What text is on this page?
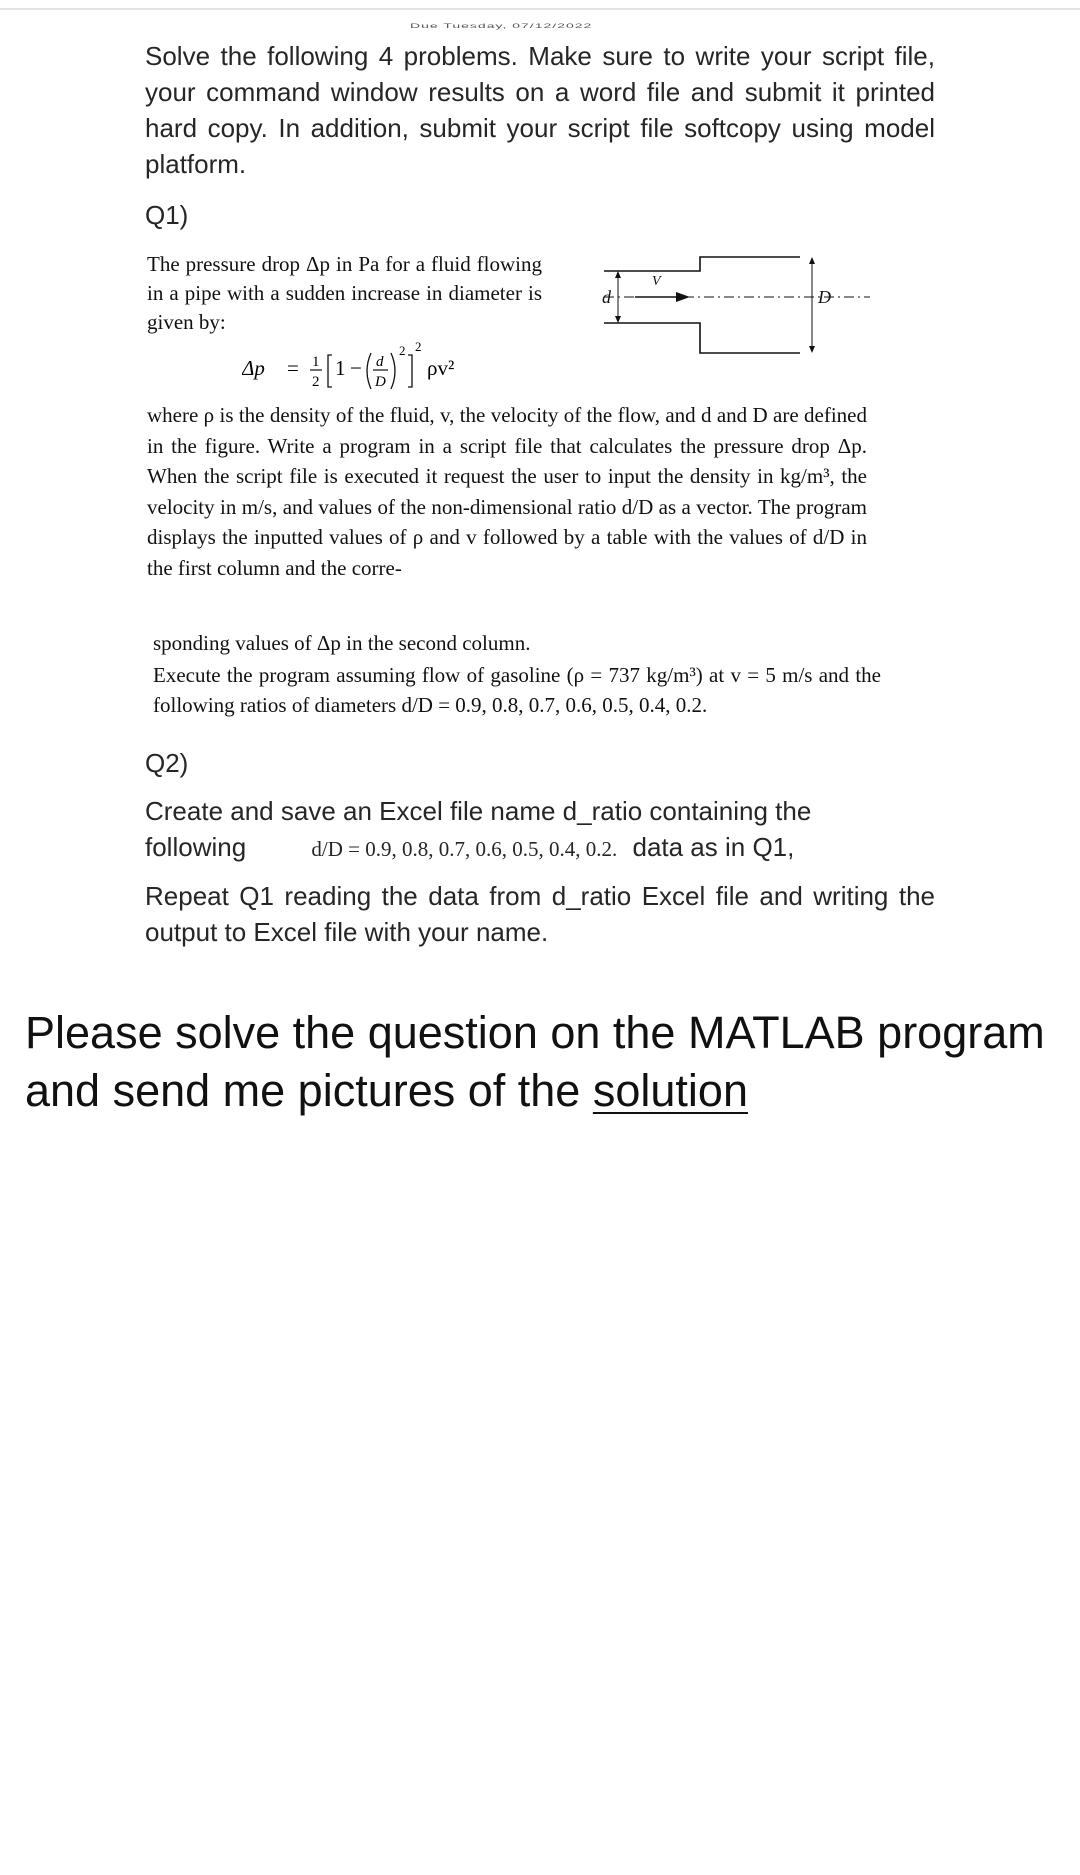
Due Tuesday, 07/12/2022
Solve the following 4 problems. Make sure to write your script file, your command window results on a word file and submit it printed hard copy. In addition, submit your script file softcopy using model platform.
Q1)
The pressure drop Δp in Pa for a fluid flowing in a pipe with a sudden increase in diameter is given by:
Δp = 1
2
1 − d
D
2 2
ρv²
d
V
D
where ρ is the density of the fluid, v, the velocity of the flow, and d and D are defined in the figure. Write a program in a script file that calculates the pressure drop Δp. When the script file is executed it request the user to input the density in kg/m³, the velocity in m/s, and values of the non-dimensional ratio d/D as a vector. The program displays the inputted values of ρ and v followed by a table with the values of d/D in the first column and the corre-
sponding values of Δp in the second column.
Execute the program assuming flow of gasoline (ρ = 737 kg/m³) at v = 5 m/s and the following ratios of diameters d/D = 0.9, 0.8, 0.7, 0.6, 0.5, 0.4, 0.2.
Q2)
Create and save an Excel file name d_ratio containing the
following	d/D = 0.9, 0.8, 0.7, 0.6, 0.5, 0.4, 0.2. data as in Q1,
Repeat Q1 reading the data from d_ratio Excel file and writing the output to Excel file with your name.
Please solve the question on the MATLAB program and send me pictures of the solution
